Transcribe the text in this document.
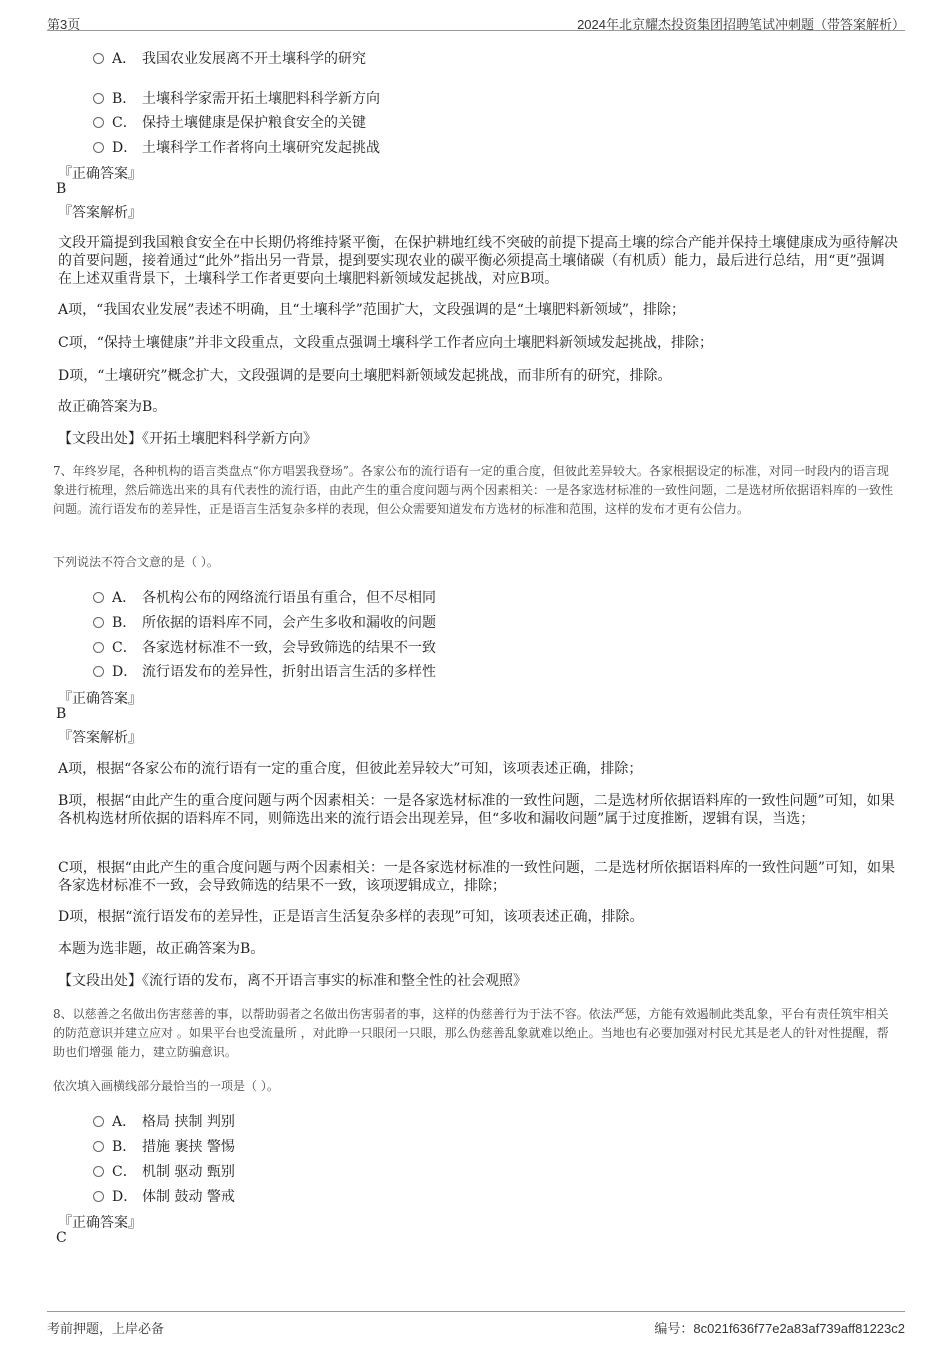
第3页	2024年北京耀杰投资集团招聘笔试冲刺题（带答案解析）
A． 我国农业发展离不开土壤科学的研究
B． 土壤科学家需开拓土壤肥料科学新方向
C． 保持土壤健康是保护粮食安全的关键
D． 土壤科学工作者将向土壤研究发起挑战
『正确答案』
B
『答案解析』
文段开篇提到我国粮食安全在中长期仍将维持紧平衡，在保护耕地红线不突破的前提下提高土壤的综合产能并保持土壤健康成为亟待解决的首要问题，接着通过“此外”指出另一背景，提到要实现农业的碳平衡必须提高土壤储碳（有机质）能力，最后进行总结，用“更”强调在上述双重背景下，土壤科学工作者更要向土壤肥料新领域发起挑战，对应B项。
A项，“我国农业发展”表述不明确，且“土壤科学”范围扩大，文段强调的是“土壤肥料新领域”，排除；
C项，“保持土壤健康”并非文段重点，文段重点强调土壤科学工作者应向土壤肥料新领域发起挑战，排除；
D项，“土壤研究”概念扩大，文段强调的是要向土壤肥料新领域发起挑战，而非所有的研究，排除。
故正确答案为B。
【文段出处】《开拓土壤肥料科学新方向》
7、年终岁尾，各种机构的语言类盘点“你方唱罢我登场”。各家公布的流行语有一定的重合度，但彼此差异较大。各家根据设定的标准，对同一时段内的语言现象进行梳理，然后筛选出来的具有代表性的流行语，由此产生的重合度问题与两个因素相关：一是各家选材标准的一致性问题，二是选材所依据语料库的一致性问题。流行语发布的差异性，正是语言生活复杂多样的表现，但公众需要知道发布方选材的标准和范围，这样的发布才更有公信力。
下列说法不符合文意的是（ ）。
A． 各机构公布的网络流行语虽有重合，但不尽相同
B． 所依据的语料库不同，会产生多收和漏收的问题
C． 各家选材标准不一致，会导致筛选的结果不一致
D． 流行语发布的差异性，折射出语言生活的多样性
『正确答案』
B
『答案解析』
A项，根据“各家公布的流行语有一定的重合度，但彼此差异较大”可知，该项表述正确，排除；
B项，根据“由此产生的重合度问题与两个因素相关：一是各家选材标准的一致性问题，二是选材所依据语料库的一致性问题”可知，如果各机构选材所依据的语料库不同，则筛选出来的流行语会出现差异，但“多收和漏收问题”属于过度推断，逻辑有误，当选；
C项，根据“由此产生的重合度问题与两个因素相关：一是各家选材标准的一致性问题，二是选材所依据语料库的一致性问题”可知，如果各家选材标准不一致，会导致筛选的结果不一致，该项逻辑成立，排除；
D项，根据“流行语发布的差异性，正是语言生活复杂多样的表现”可知，该项表述正确，排除。
本题为选非题，故正确答案为B。
【文段出处】《流行语的发布，离不开语言事实的标准和整全性的社会观照》
8、以慈善之名做出伤害慈善的事，以帮助弱者之名做出伤害弱者的事，这样的伪慈善行为于法不容。依法严惩，方能有效遏制此类乱象，平台有责任筑牢相关的防范意识并建立应对 。如果平台也受流量所 ，对此睁一只眼闭一只眼，那么伪慈善乱象就难以绝止。当地也有必要加强对村民尤其是老人的针对性提醒，帮助也们增强 能力，建立防骗意识。
依次填入画横线部分最恰当的一项是（ ）。
A． 格局 挟制 判别
B． 措施 裹挟 警惕
C． 机制 驱动 甄别
D． 体制 鼓动 警戒
『正确答案』
C
考前押题，上岸必备	编号：8c021f636f77e2a83af739aff81223c2
